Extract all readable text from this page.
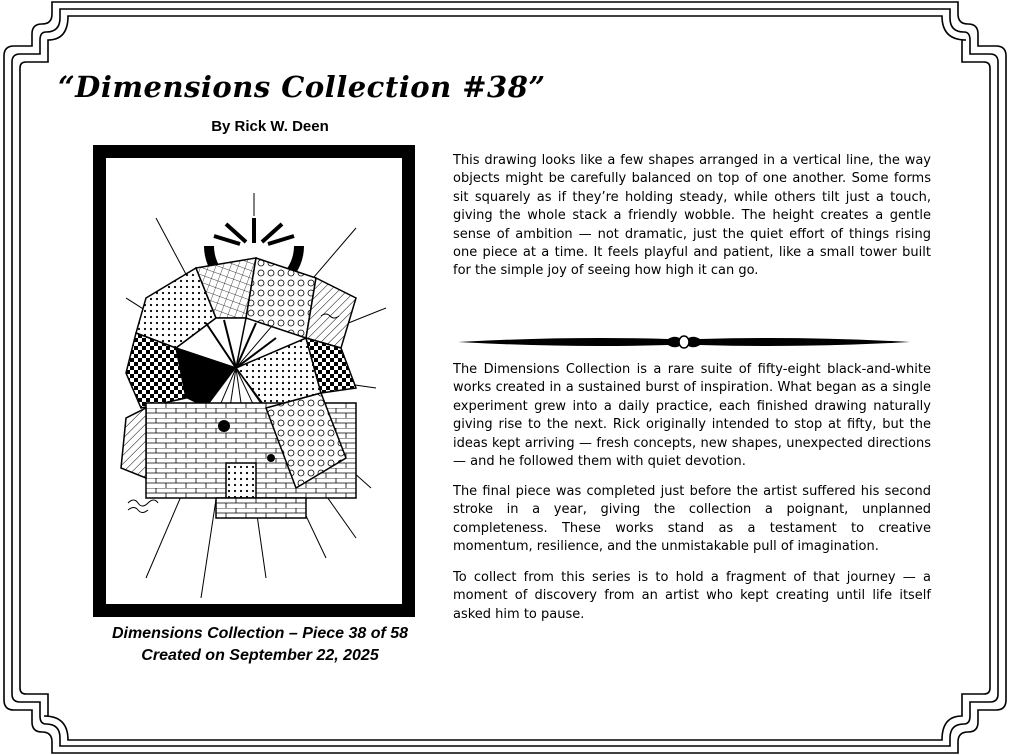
“Dimensions Collection #38”
By Rick W. Deen
Dimensions Collection – Piece 38 of 58
Created on September 22, 2025

This drawing looks like a few shapes arranged in a vertical line, the way objects might be carefully balanced on top of one another. Some forms sit squarely as if they’re holding steady, while others tilt just a touch, giving the whole stack a friendly wobble. The height creates a gentle sense of ambition — not dramatic, just the quiet effort of things rising one piece at a time. It feels playful and patient, like a small tower built for the simple joy of seeing how high it can go.

The Dimensions Collection is a rare suite of fifty-eight black-and-white works created in a sustained burst of inspiration. What began as a single experiment grew into a daily practice, each finished drawing naturally giving rise to the next. Rick originally intended to stop at fifty, but the ideas kept arriving — fresh concepts, new shapes, unexpected directions — and he followed them with quiet devotion.

The final piece was completed just before the artist suffered his second stroke in a year, giving the collection a poignant, unplanned completeness. These works stand as a testament to creative momentum, resilience, and the unmistakable pull of imagination.

To collect from this series is to hold a fragment of that journey — a moment of discovery from an artist who kept creating until life itself asked him to pause.
